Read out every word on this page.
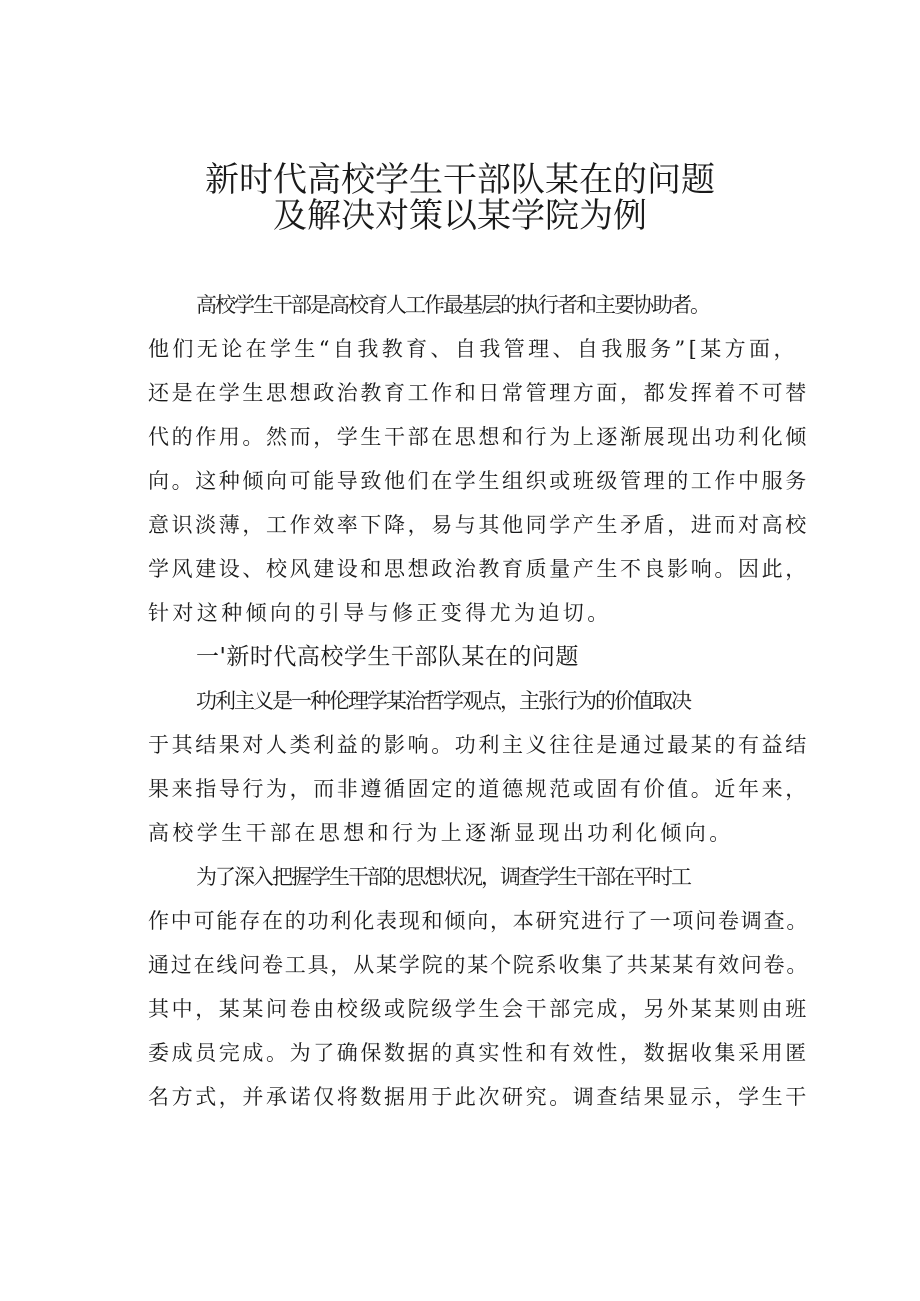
新时代高校学生干部队某在的问题
及解决对策以某学院为例
高校学生干部是高校育人工作最基层的执行者和主要协助者。
他们无论在学生“自我教育、自我管理、自我服务”[某方面，
还是在学生思想政治教育工作和日常管理方面，都发挥着不可替
代的作用。然而，学生干部在思想和行为上逐渐展现出功利化倾
向。这种倾向可能导致他们在学生组织或班级管理的工作中服务
意识淡薄，工作效率下降，易与其他同学产生矛盾，进而对高校
学风建设、校风建设和思想政治教育质量产生不良影响。因此，
针对这种倾向的引导与修正变得尤为迫切。
一'新时代高校学生干部队某在的问题
功利主义是一种伦理学某治哲学观点，主张行为的价值取决
于其结果对人类利益的影响。功利主义往往是通过最某的有益结
果来指导行为，而非遵循固定的道德规范或固有价值。近年来，
高校学生干部在思想和行为上逐渐显现出功利化倾向。
为了深入把握学生干部的思想状况，调查学生干部在平时工
作中可能存在的功利化表现和倾向，本研究进行了一项问卷调查。
通过在线问卷工具，从某学院的某个院系收集了共某某有效问卷。
其中，某某问卷由校级或院级学生会干部完成，另外某某则由班
委成员完成。为了确保数据的真实性和有效性，数据收集采用匿
名方式，并承诺仅将数据用于此次研究。调查结果显示，学生干
